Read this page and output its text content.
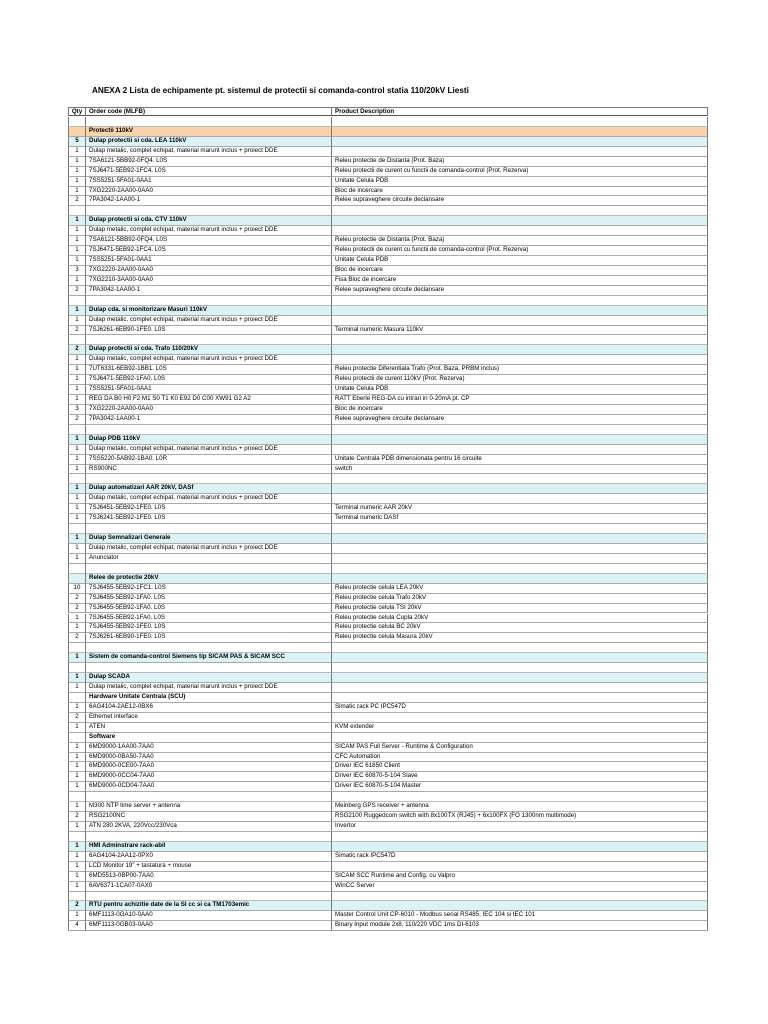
ANEXA 2 Lista de echipamente pt. sistemul de protectii si comanda-control statia 110/20kV Liesti
Qty	Order code (MLFB)	Product Description
Protectii 110kV
5	Dulap protectii si cda. LEA 110kV
1	Dulap metalic, complet echipat, material marunt inclus + proiect DDE
1	7SA6121-5BB92-0FQ4. L0S	Releu protectie de Distanta (Prot. Baza)
1	7SJ6471-5EB92-1FC4. L0S	Releu protectii de curent cu functii de comanda-control (Prot. Rezerva)
1	7SS5251-5FA01-0AA1	Unitate Celula PDB
1	7XG2220-2AA00-0AA0	Bloc de incercare
2	7PA3042-1AA00-1	Relee supraveghere circuite declansare
1	Dulap protectii si cda. CTV 110kV
1	Dulap metalic, complet echipat, material marunt inclus + proiect DDE
1	7SA6121-5BB92-0FQ4. L0S	Releu protectie de Distanta (Prot. Baza)
1	7SJ6471-5EB92-1FC4. L0S	Releu protectii de curent cu functii de comanda-control (Prot. Rezerva)
1	7SS5251-5FA01-0AA1	Unitate Celula PDB
3	7XG2220-2AA00-0AA0	Bloc de incercare
1	7XG2210-3AA00-0AA0	Fisa Bloc de incercare
2	7PA3042-1AA00-1	Relee supraveghere circuite declansare
1	Dulap cda. si monitorizare Masuri 110kV
1	Dulap metalic, complet echipat, material marunt inclus + proiect DDE
2	7SJ6261-6EB90-1FE0. L0S	Terminal numeric Masura 110kV
2	Dulap protectii si cda. Trafo 110/20kV
1	Dulap metalic, complet echipat, material marunt inclus + proiect DDE
1	7UT6331-6EB92-1BB1. L0S	Releu protectie Diferentiala Trafo (Prot. Baza, PRBM inclus)
1	7SJ6471-5EB92-1FA0. L0S	Releu protectii de curent 110kV (Prot. Rezerva)
1	7SS5251-5FA01-0AA1	Unitate Celula PDB
1	REG DA B0 H0 F2 M1 S0 T1 K0 E92 D0 C00 XW91 G2 A2	RATT Eberle REG-DA cu intrari in 0-20mA pt. CP
3	7XG2220-2AA00-0AA0	Bloc de incercare
2	7PA3042-1AA00-1	Relee supraveghere circuite declansare
1	Dulap PDB 110kV
1	Dulap metalic, complet echipat, material marunt inclus + proiect DDE
1	7SS5220-5AB92-1BA0. L0R	Unitate Centrala PDB dimensionata pentru 16 circuite
1	RS900NC	switch
1	Dulap automatizari AAR 20kV, DASf
1	Dulap metalic, complet echipat, material marunt inclus + proiect DDE
1	7SJ6451-5EB92-1FE0. L0S	Terminal numeric AAR 20kV
1	7SJ6241-5EB92-1FE0. L0S	Terminal numeric DASf
1	Dulap Semnalizari Generale
1	Dulap metalic, complet echipat, material marunt inclus + proiect DDE
1	Anunciator
Relee de protectie 20kV
10	7SJ6455-5EB92-1FC1. L0S	Releu protectie celula LEA 20kV
2	7SJ6455-5EB92-1FA0. L0S	Releu protectie celula Trafo 20kV
2	7SJ6455-5EB92-1FA0. L0S	Releu protectie celula TSI 20kV
1	7SJ6455-5EB92-1FA0. L0S	Releu protectie celula Cupla 20kV
1	7SJ6455-5EB92-1FE0. L0S	Releu protectie celula BC 20kV
2	7SJ6261-6EB90-1FE0. L0S	Releu protectie celula Masura 20kV
1	Sistem de comanda-control Siemens tip SICAM PAS & SICAM SCC
1	Dulap SCADA
1	Dulap metalic, complet echipat, material marunt inclus + proiect DDE
Hardware Unitate Centrala (SCU)
1	6AG4104-2AE12-0BX6	Simatic rack PC IPC547D
2	Ethernet interface
1	ATEN	KVM extender
Software
1	6MD9000-1AA00-7AA0	SICAM PAS Full Server - Runtime & Configuration
1	6MD9000-0BA50-7AA0	CFC Automation
1	6MD9000-0CE00-7AA0	Driver IEC 61850 Client
1	6MD9000-0CC04-7AA0	Driver IEC 60870-5-104 Slave
1	6MD9000-0CD04-7AA0	Driver IEC 60870-5-104 Master
1	M300 NTP time server + antenna	Meinberg GPS receiver + antenna
2	RSG2100NC	RSG2100 Ruggedcom switch with 8x100TX (RJ45) + 6x100FX (FO 1300nm multimode)
1	ATN 280 2KVA, 220Vcc/230Vca	Invertor
1	HMI Adminstrare rack-abil
1	6AG4104-2AA12-0PX0	Simatic rack IPC547D
1	LCD Monitor 19" + tastatura + mouse
1	6MD5513-0BP00-7AA0	SICAM SCC Runtime and Config. cu Valpro
1	6AV6371-1CA07-0AX0	WinCC Server
2	RTU pentru achizitie date de la SI cc si ca TM1703emic
1	6MF1113-0GA10-0AA0	Master Control Unit CP-6010 - Modbus serial RS485, IEC 104 si IEC 101
4	6MF1113-0GB03-0AA0	Binary Input module 2x8, 110/220 VDC 1ms DI-6103
